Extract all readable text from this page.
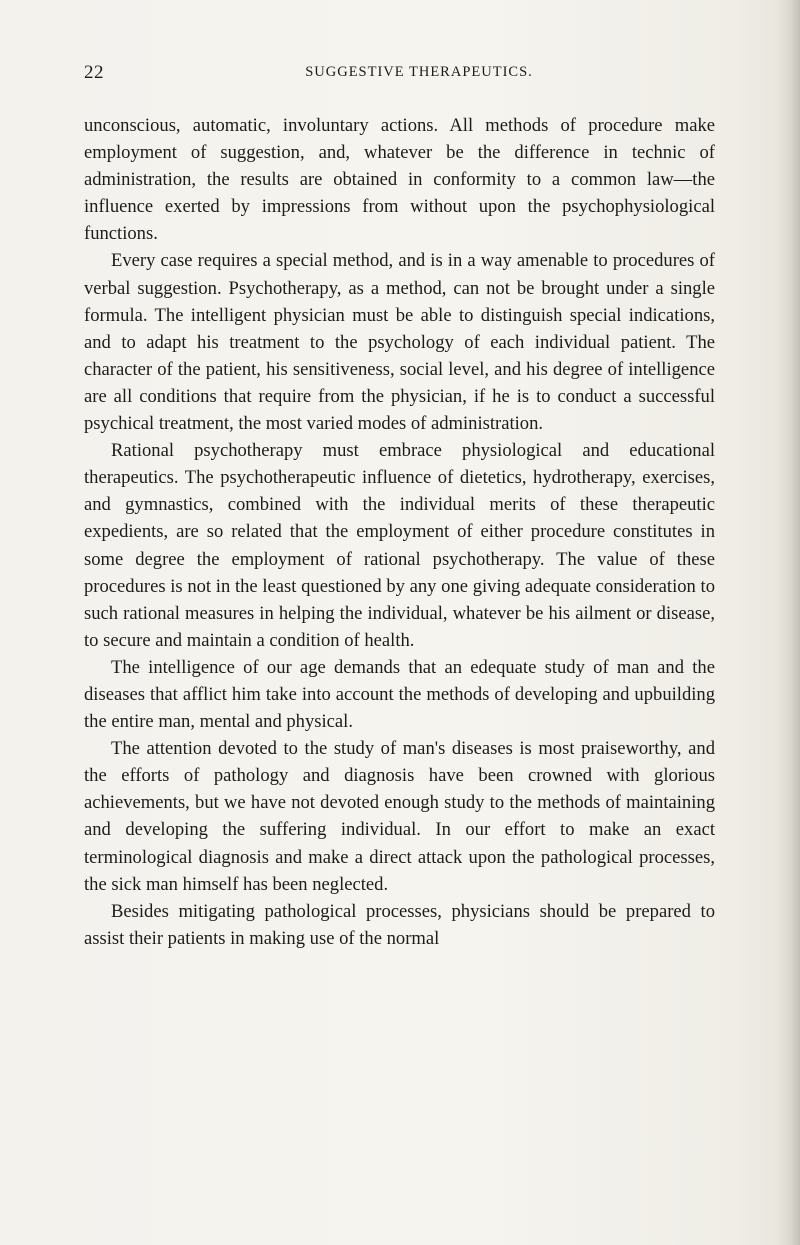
22	SUGGESTIVE THERAPEUTICS.

unconscious, automatic, involuntary actions. All methods of procedure make employment of suggestion, and, whatever be the difference in technic of administration, the results are obtained in conformity to a common law—the influence exerted by impressions from without upon the psychophysiological functions.

Every case requires a special method, and is in a way amenable to procedures of verbal suggestion. Psychotherapy, as a method, can not be brought under a single formula. The intelligent physician must be able to distinguish special indications, and to adapt his treatment to the psychology of each individual patient. The character of the patient, his sensitiveness, social level, and his degree of intelligence are all conditions that require from the physician, if he is to conduct a successful psychical treatment, the most varied modes of administration.

Rational psychotherapy must embrace physiological and educational therapeutics. The psychotherapeutic influence of dietetics, hydrotherapy, exercises, and gymnastics, combined with the individual merits of these therapeutic expedients, are so related that the employment of either procedure constitutes in some degree the employment of rational psychotherapy. The value of these procedures is not in the least questioned by any one giving adequate consideration to such rational measures in helping the individual, whatever be his ailment or disease, to secure and maintain a condition of health.

The intelligence of our age demands that an edequate study of man and the diseases that afflict him take into account the methods of developing and upbuilding the entire man, mental and physical.

The attention devoted to the study of man's diseases is most praiseworthy, and the efforts of pathology and diagnosis have been crowned with glorious achievements, but we have not devoted enough study to the methods of maintaining and developing the suffering individual. In our effort to make an exact terminological diagnosis and make a direct attack upon the pathological processes, the sick man himself has been neglected.

Besides mitigating pathological processes, physicians should be prepared to assist their patients in making use of the normal
